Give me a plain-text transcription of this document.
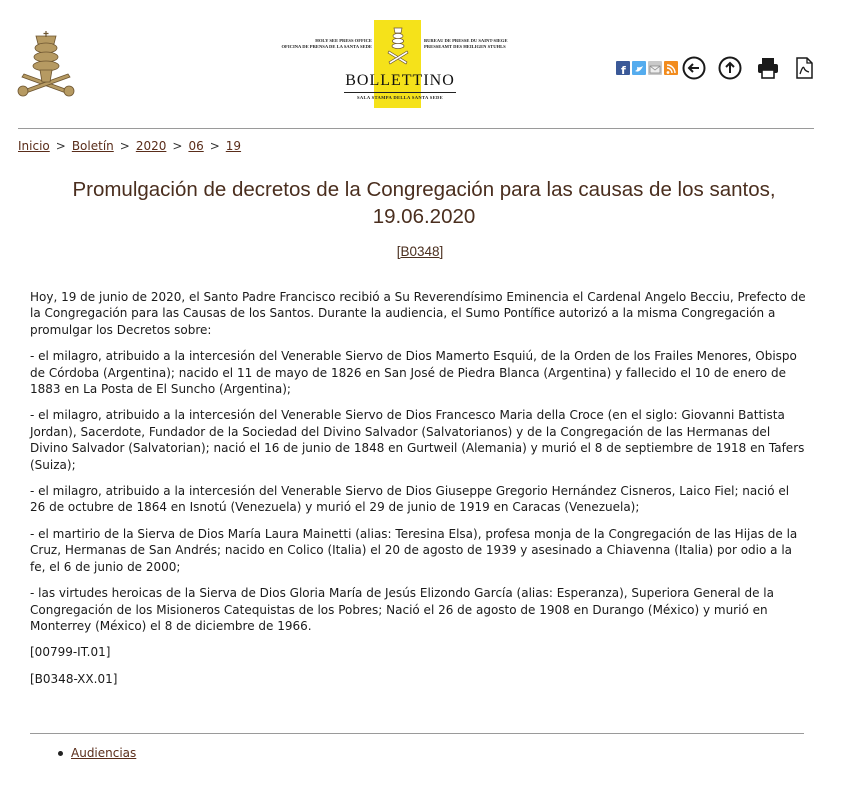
HOLY SEE PRESS OFFICE
OFICINA DE PRENSA DE LA SANTA SEDE
BUREAU DE PRESSE DU SAINT-SIEGE
PRESSEAMT DES HEILIGEN STUHLS
BOLLETTINO
SALA STAMPA DELLA SANTA SEDE
f
Inicio > Boletín > 2020 > 06 > 19
Promulgación de decretos de la Congregación para las causas de los santos,
19.06.2020
[B0348]

Hoy, 19 de junio de 2020, el Santo Padre Francisco recibió a Su Reverendísimo Eminencia el Cardenal Angelo Becciu, Prefecto de la Congregación para las Causas de los Santos. Durante la audiencia, el Sumo Pontífice autorizó a la misma Congregación a promulgar los Decretos sobre:

- el milagro, atribuido a la intercesión del Venerable Siervo de Dios Mamerto Esquiú, de la Orden de los Frailes Menores, Obispo de Córdoba (Argentina); nacido el 11 de mayo de 1826 en San José de Piedra Blanca (Argentina) y fallecido el 10 de enero de 1883 en La Posta de El Suncho (Argentina);

- el milagro, atribuido a la intercesión del Venerable Siervo de Dios Francesco Maria della Croce (en el siglo: Giovanni Battista Jordan), Sacerdote, Fundador de la Sociedad del Divino Salvador (Salvatorianos) y de la Congregación de las Hermanas del Divino Salvador (Salvatorian); nació el 16 de junio de 1848 en Gurtweil (Alemania) y murió el 8 de septiembre de 1918 en Tafers (Suiza);

- el milagro, atribuido a la intercesión del Venerable Siervo de Dios Giuseppe Gregorio Hernández Cisneros, Laico Fiel; nació el 26 de octubre de 1864 en Isnotú (Venezuela) y murió el 29 de junio de 1919 en Caracas (Venezuela);

- el martirio de la Sierva de Dios María Laura Mainetti (alias: Teresina Elsa), profesa monja de la Congregación de las Hijas de la Cruz, Hermanas de San Andrés; nacido en Colico (Italia) el 20 de agosto de 1939 y asesinado a Chiavenna (Italia) por odio a la fe, el 6 de junio de 2000;

- las virtudes heroicas de la Sierva de Dios Gloria María de Jesús Elizondo García (alias: Esperanza), Superiora General de la Congregación de los Misioneros Catequistas de los Pobres; Nació el 26 de agosto de 1908 en Durango (México) y murió en Monterrey (México) el 8 de diciembre de 1966.

[00799-IT.01]

[B0348-XX.01]

Audiencias
